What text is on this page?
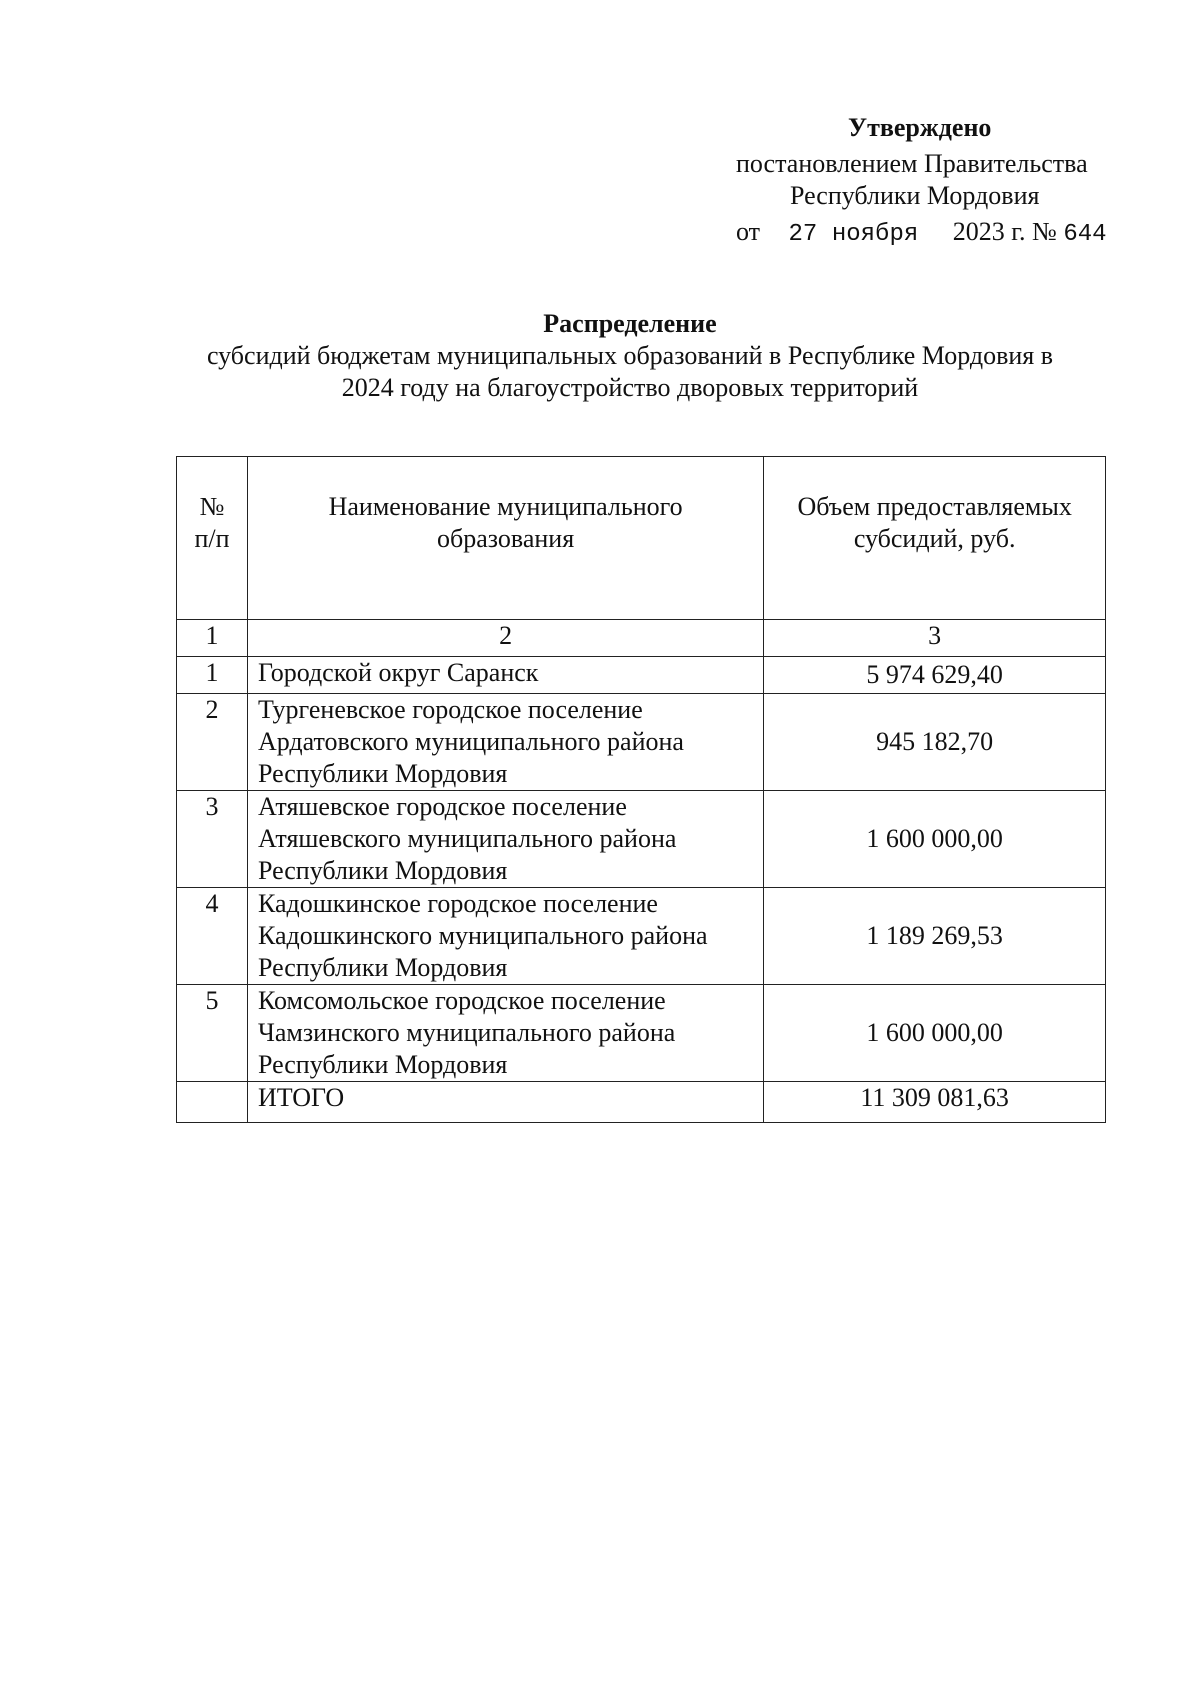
Утверждено
постановлением Правительства
Республики Мордовия
от 27 ноября 2023 г. № 644
Распределение
субсидий бюджетам муниципальных образований в Республике Мордовия в
2024 году на благоустройство дворовых территорий
№ п/п	Наименование муниципального образования	Объем предоставляемых субсидий, руб.
1	2	3
1	Городской округ Саранск	5 974 629,40
2	Тургеневское городское поселение
Ардатовского муниципального района
Республики Мордовия	945 182,70
3	Атяшевское городское поселение
Атяшевского муниципального района
Республики Мордовия	1 600 000,00
4	Кадошкинское городское поселение
Кадошкинского муниципального района
Республики Мордовия	1 189 269,53
5	Комсомольское городское поселение
Чамзинского муниципального района
Республики Мордовия	1 600 000,00
	ИТОГО	11 309 081,63
